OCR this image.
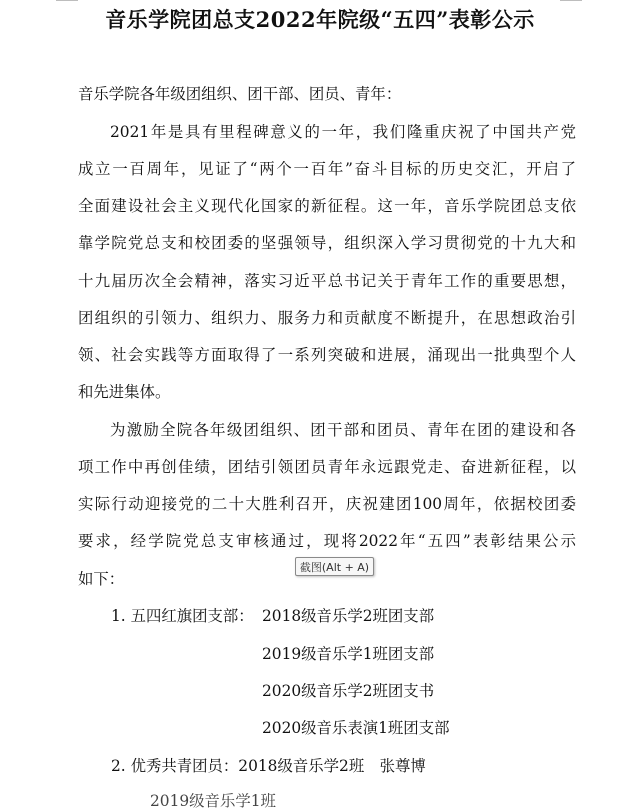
音乐学院团总支2022年院级“五四”表彰公示
音乐学院各年级团组织、团干部、团员、青年：
2021年是具有里程碑意义的一年，我们隆重庆祝了中国共产党
成立一百周年，见证了“两个一百年”奋斗目标的历史交汇，开启了
全面建设社会主义现代化国家的新征程。这一年，音乐学院团总支依
靠学院党总支和校团委的坚强领导，组织深入学习贯彻党的十九大和
十九届历次全会精神，落实习近平总书记关于青年工作的重要思想，
团组织的引领力、组织力、服务力和贡献度不断提升，在思想政治引
领、社会实践等方面取得了一系列突破和进展，涌现出一批典型个人
和先进集体。
为激励全院各年级团组织、团干部和团员、青年在团的建设和各
项工作中再创佳绩，团结引领团员青年永远跟党走、奋进新征程，以
实际行动迎接党的二十大胜利召开，庆祝建团100周年，依据校团委
要求，经学院党总支审核通过，现将2022年“五四”表彰结果公示
如下：
截图(Alt + A)
1. 五四红旗团支部： 2018级音乐学2班团支部
2019级音乐学1班团支部
2020级音乐学2班团支书
2020级音乐表演1班团支部
2. 优秀共青团员：2018级音乐学2班　张尊博
2019级音乐学1班
